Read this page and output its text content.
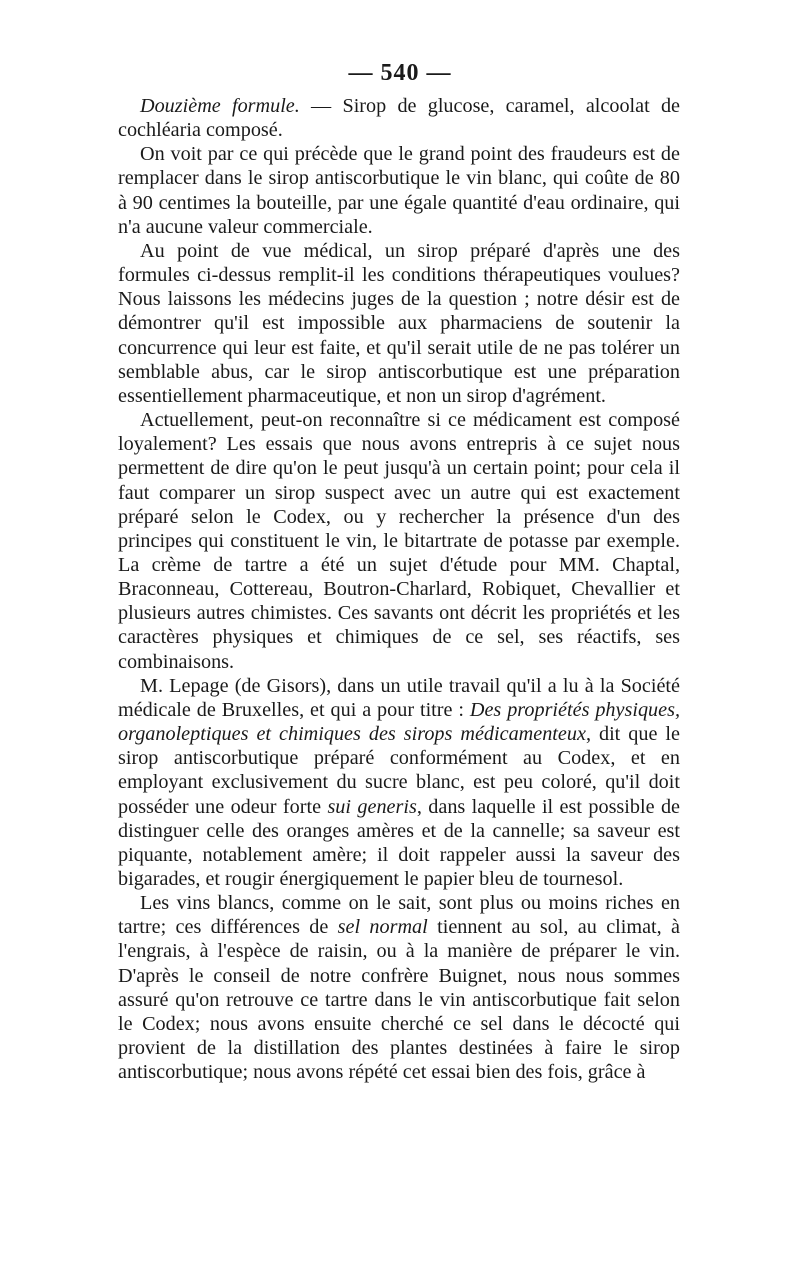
— 540 —

Douzième formule. — Sirop de glucose, caramel, alcoolat de cochléaria composé.

On voit par ce qui précède que le grand point des fraudeurs est de remplacer dans le sirop antiscorbutique le vin blanc, qui coûte de 80 à 90 centimes la bouteille, par une égale quantité d'eau ordinaire, qui n'a aucune valeur commerciale.

Au point de vue médical, un sirop préparé d'après une des formules ci-dessus remplit-il les conditions thérapeutiques voulues? Nous laissons les médecins juges de la question ; notre désir est de démontrer qu'il est impossible aux pharmaciens de soutenir la concurrence qui leur est faite, et qu'il serait utile de ne pas tolérer un semblable abus, car le sirop antiscorbutique est une préparation essentiellement pharmaceutique, et non un sirop d'agrément.

Actuellement, peut-on reconnaître si ce médicament est composé loyalement? Les essais que nous avons entrepris à ce sujet nous permettent de dire qu'on le peut jusqu'à un certain point; pour cela il faut comparer un sirop suspect avec un autre qui est exactement préparé selon le Codex, ou y rechercher la présence d'un des principes qui constituent le vin, le bitartrate de potasse par exemple. La crème de tartre a été un sujet d'étude pour MM. Chaptal, Braconneau, Cottereau, Boutron-Charlard, Robiquet, Chevallier et plusieurs autres chimistes. Ces savants ont décrit les propriétés et les caractères physiques et chimiques de ce sel, ses réactifs, ses combinaisons.

M. Lepage (de Gisors), dans un utile travail qu'il a lu à la Société médicale de Bruxelles, et qui a pour titre : Des propriétés physiques, organoleptiques et chimiques des sirops médicamenteux, dit que le sirop antiscorbutique préparé conformément au Codex, et en employant exclusivement du sucre blanc, est peu coloré, qu'il doit posséder une odeur forte sui generis, dans laquelle il est possible de distinguer celle des oranges amères et de la cannelle; sa saveur est piquante, notablement amère; il doit rappeler aussi la saveur des bigarades, et rougir énergiquement le papier bleu de tournesol.

Les vins blancs, comme on le sait, sont plus ou moins riches en tartre; ces différences de sel normal tiennent au sol, au climat, à l'engrais, à l'espèce de raisin, ou à la manière de préparer le vin. D'après le conseil de notre confrère Buignet, nous nous sommes assuré qu'on retrouve ce tartre dans le vin antiscorbutique fait selon le Codex; nous avons ensuite cherché ce sel dans le décocté qui provient de la distillation des plantes destinées à faire le sirop antiscorbutique; nous avons répété cet essai bien des fois, grâce à
